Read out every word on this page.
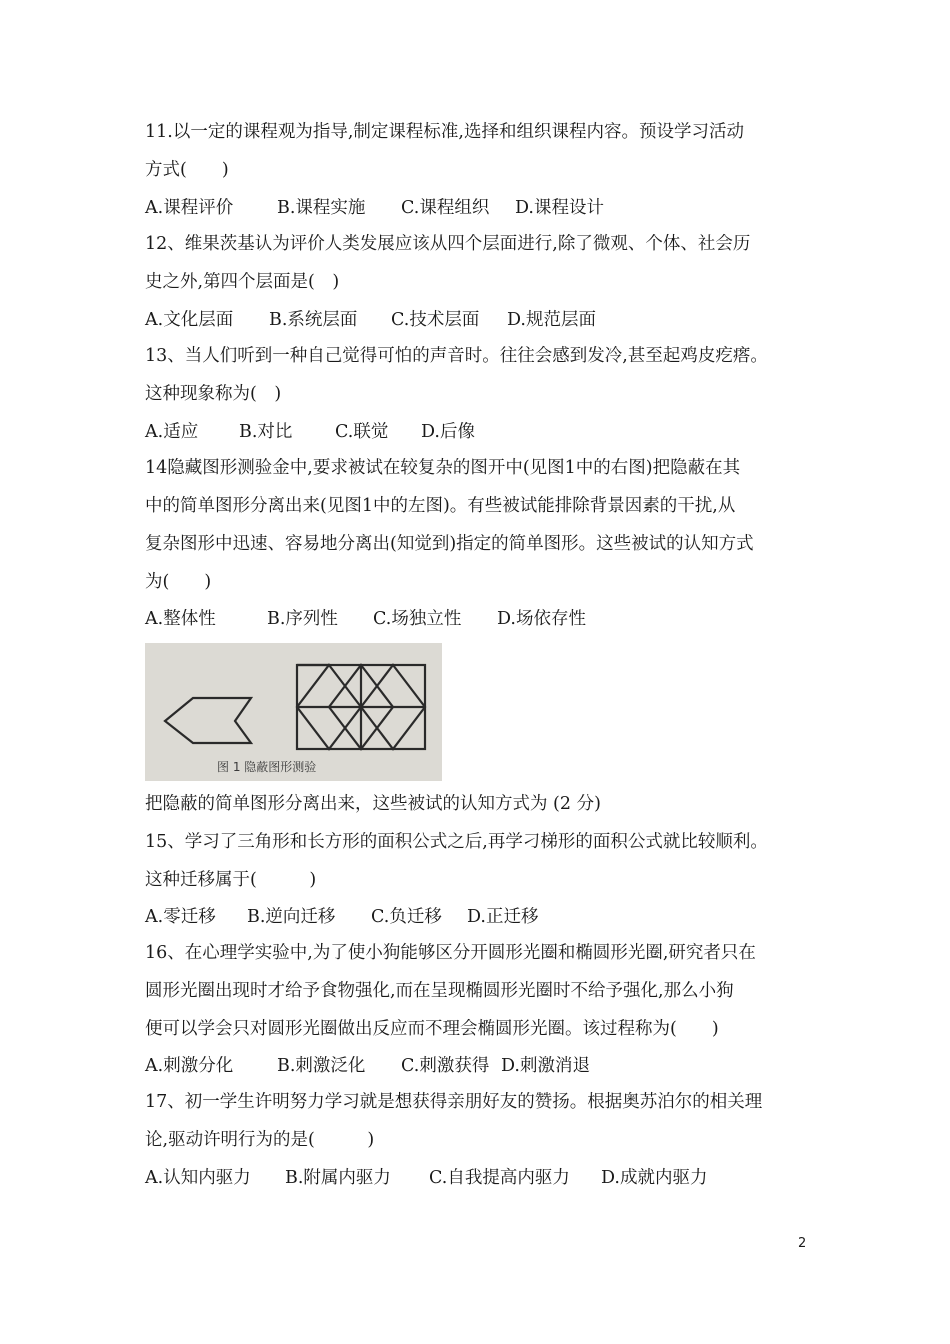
11.以一定的课程观为指导,制定课程标准,选择和组织课程内容。预设学习活动
方式(　　)
A.课程评价	B.课程实施 C.课程组织 D.课程设计
12、维果茨基认为评价人类发展应该从四个层面进行,除了微观、个体、社会历
史之外,第四个层面是(　)
A.文化层面 B.系统层面 C.技术层面 D.规范层面
13、当人们听到一种自己觉得可怕的声音时。往往会感到发冷,甚至起鸡皮疙瘩。
这种现象称为(　)
A.适应 B.对比 C.联觉 D.后像
14隐藏图形测验金中,要求被试在较复杂的图开中(见图1中的右图)把隐蔽在其
中的简单图形分离出来(见图1中的左图)。有些被试能排除背景因素的干扰,从
复杂图形中迅速、容易地分离出(知觉到)指定的简单图形。这些被试的认知方式
为(　　)
A.整体性	B.序列性 C.场独立性 D.场依存性
图 1 隐蔽图形测验
把隐蔽的简单图形分离出来，这些被试的认知方式为 (2 分)
15、学习了三角形和长方形的面积公式之后,再学刁梯形的面积公式就比较顺利。
这种迁移属于(　　　)
A.零迁移 B.逆向迁移 C.负迁移 D.正迁移
16、在心理学实验中,为了使小狗能够区分开圆形光圈和椭圆形光圈,研究者只在
圆形光圈出现时才给予食物强化,而在呈现椭圆形光圈时不给予强化,那么小狗
便可以学会只对圆形光圈做出反应而不理会椭圆形光圈。该过程称为(　　)
A.刺激分化	B.刺激泛化 C.刺激获得 D.刺激消退
17、初一学生许明努力学习就是想获得亲朋好友的赞扬。根据奥苏泊尔的相关理
论,驱动许明行为的是(　　　)
A.认知内驱力 B.附属内驱力 C.自我提高内驱力 D.成就内驱力
2
